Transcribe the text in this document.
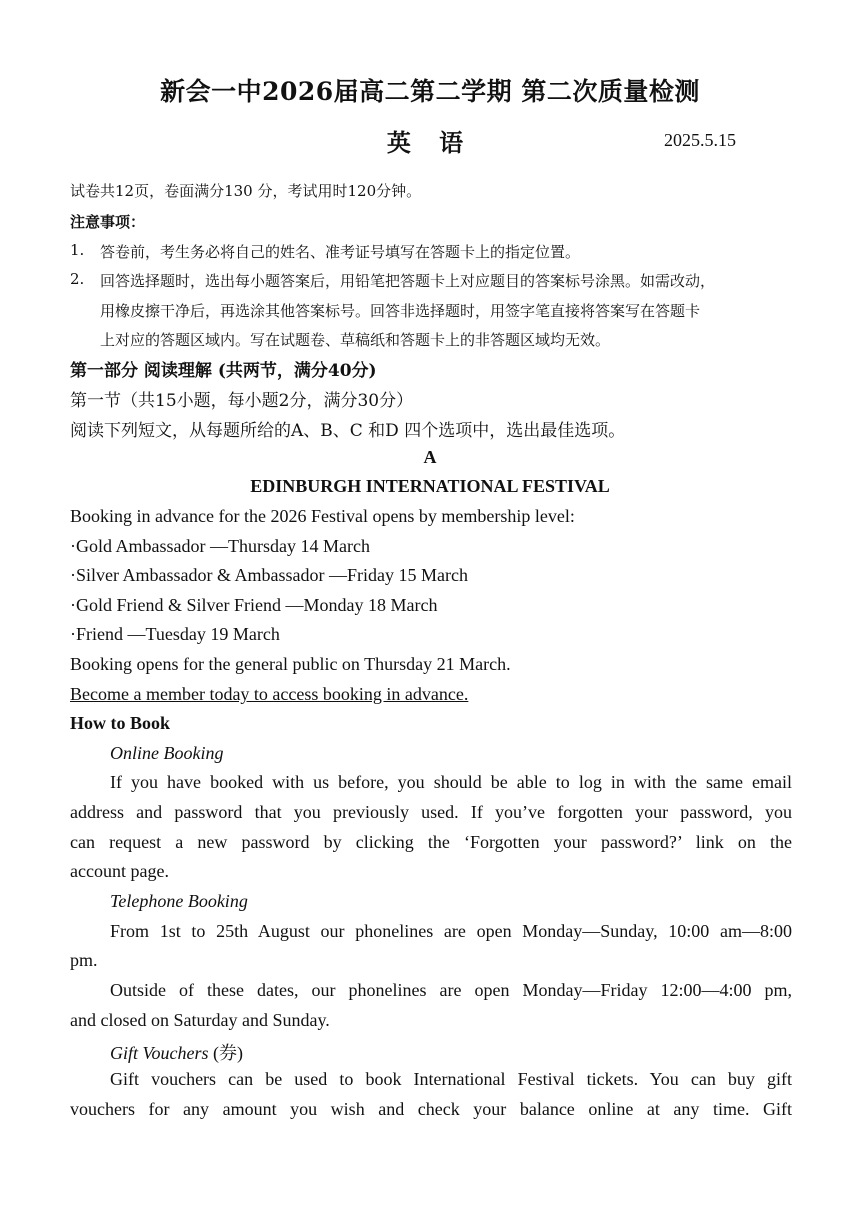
新会一中2026届高二第二学期 第二次质量检测
英 语	2025.5.15
试卷共12页，卷面满分130 分，考试用时120分钟。
注意事项：
1. 答卷前，考生务必将自己的姓名、准考证号填写在答题卡上的指定位置。
2. 回答选择题时，选出每小题答案后，用铅笔把答题卡上对应题目的答案标号涂黑。如需改动，
用橡皮擦干净后，再选涂其他答案标号。回答非选择题时，用签字笔直接将答案写在答题卡
上对应的答题区域内。写在试题卷、草稿纸和答题卡上的非答题区域均无效。
第一部分 阅读理解 (共两节，满分40分)
第一节（共15小题，每小题2分，满分30分）
阅读下列短文，从每题所给的A、B、C 和D 四个选项中，选出最佳选项。
A
EDINBURGH INTERNATIONAL FESTIVAL
Booking in advance for the 2026 Festival opens by membership level:
·Gold Ambassador —Thursday 14 March
·Silver Ambassador & Ambassador —Friday 15 March
·Gold Friend & Silver Friend —Monday 18 March
·Friend —Tuesday 19 March
Booking opens for the general public on Thursday 21 March.
Become a member today to access booking in advance.
How to Book
Online Booking
If you have booked with us before, you should be able to log in with the same email
address and password that you previously used. If you’ve forgotten your password, you
can request a new password by clicking the ‘Forgotten your password?’ link on the
account page.
Telephone Booking
From 1st to 25th August our phonelines are open Monday—Sunday, 10:00 am—8:00
pm.
Outside of these dates, our phonelines are open Monday—Friday 12:00—4:00 pm,
and closed on Saturday and Sunday.
Gift Vouchers (券)
Gift vouchers can be used to book International Festival tickets. You can buy gift
vouchers for any amount you wish and check your balance online at any time. Gift
